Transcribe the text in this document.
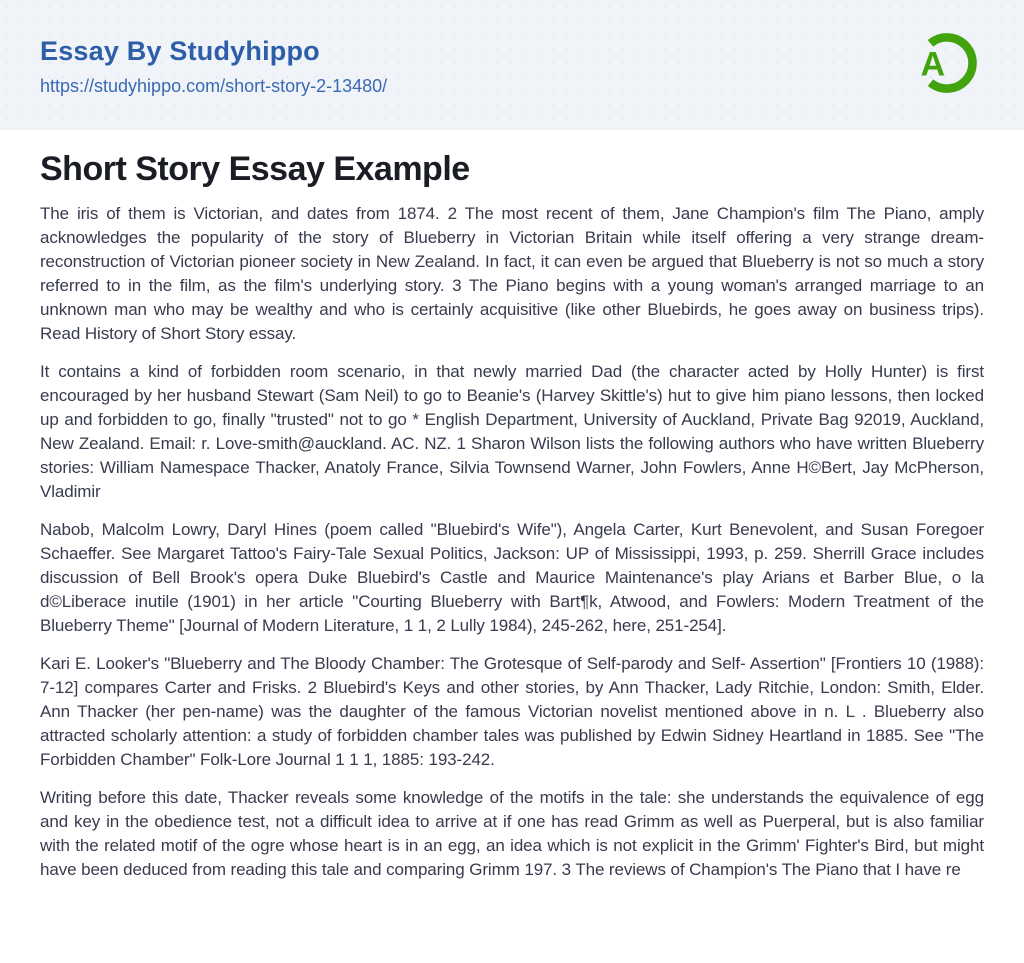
Essay By Studyhippo
https://studyhippo.com/short-story-2-13480/
A
Short Story Essay Example

The iris of them is Victorian, and dates from 1874. 2 The most recent of them, Jane Champion's film The Piano, amply acknowledges the popularity of the story of Blueberry in Victorian Britain while itself offering a very strange dream-reconstruction of Victorian pioneer society in New Zealand. In fact, it can even be argued that Blueberry is not so much a story referred to in the film, as the film's underlying story. 3 The Piano begins with a young woman's arranged marriage to an unknown man who may be wealthy and who is certainly acquisitive (like other Bluebirds, he goes away on business trips). Read History of Short Story essay.

It contains a kind of forbidden room scenario, in that newly married Dad (the character acted by Holly Hunter) is first encouraged by her husband Stewart (Sam Neil) to go to Beanie's (Harvey Skittle's) hut to give him piano lessons, then locked up and forbidden to go, finally "trusted" not to go * English Department, University of Auckland, Private Bag 92019, Auckland, New Zealand. Email: r. Love-smith@auckland. AC. NZ. 1 Sharon Wilson lists the following authors who have written Blueberry stories: William Namespace Thacker, Anatoly France, Silvia Townsend Warner, John Fowlers, Anne H©Bert, Jay McPherson, Vladimir

Nabob, Malcolm Lowry, Daryl Hines (poem called "Bluebird's Wife"), Angela Carter, Kurt Benevolent, and Susan Foregoer Schaeffer. See Margaret Tattoo's Fairy-Tale Sexual Politics, Jackson: UP of Mississippi, 1993, p. 259. Sherrill Grace includes discussion of Bell Brook's opera Duke Bluebird's Castle and Maurice Maintenance's play Arians et Barber Blue, o la d©Liberace inutile (1901) in her article "Courting Blueberry with Bart¶k, Atwood, and Fowlers: Modern Treatment of the Blueberry Theme" [Journal of Modern Literature, 1 1, 2 Lully 1984), 245-262, here, 251-254].

Kari E. Looker's "Blueberry and The Bloody Chamber: The Grotesque of Self-parody and Self- Assertion" [Frontiers 10 (1988): 7-12] compares Carter and Frisks. 2 Bluebird's Keys and other stories, by Ann Thacker, Lady Ritchie, London: Smith, Elder. Ann Thacker (her pen-name) was the daughter of the famous Victorian novelist mentioned above in n. L . Blueberry also attracted scholarly attention: a study of forbidden chamber tales was published by Edwin Sidney Heartland in 1885. See "The Forbidden Chamber" Folk-Lore Journal 1 1 1, 1885: 193-242.

Writing before this date, Thacker reveals some knowledge of the motifs in the tale: she understands the equivalence of egg and key in the obedience test, not a difficult idea to arrive at if one has read Grimm as well as Puerperal, but is also familiar with the related motif of the ogre whose heart is in an egg, an idea which is not explicit in the Grimm' Fighter's Bird, but might have been deduced from reading this tale and comparing Grimm 197. 3 The reviews of Champion's The Piano that I have re
